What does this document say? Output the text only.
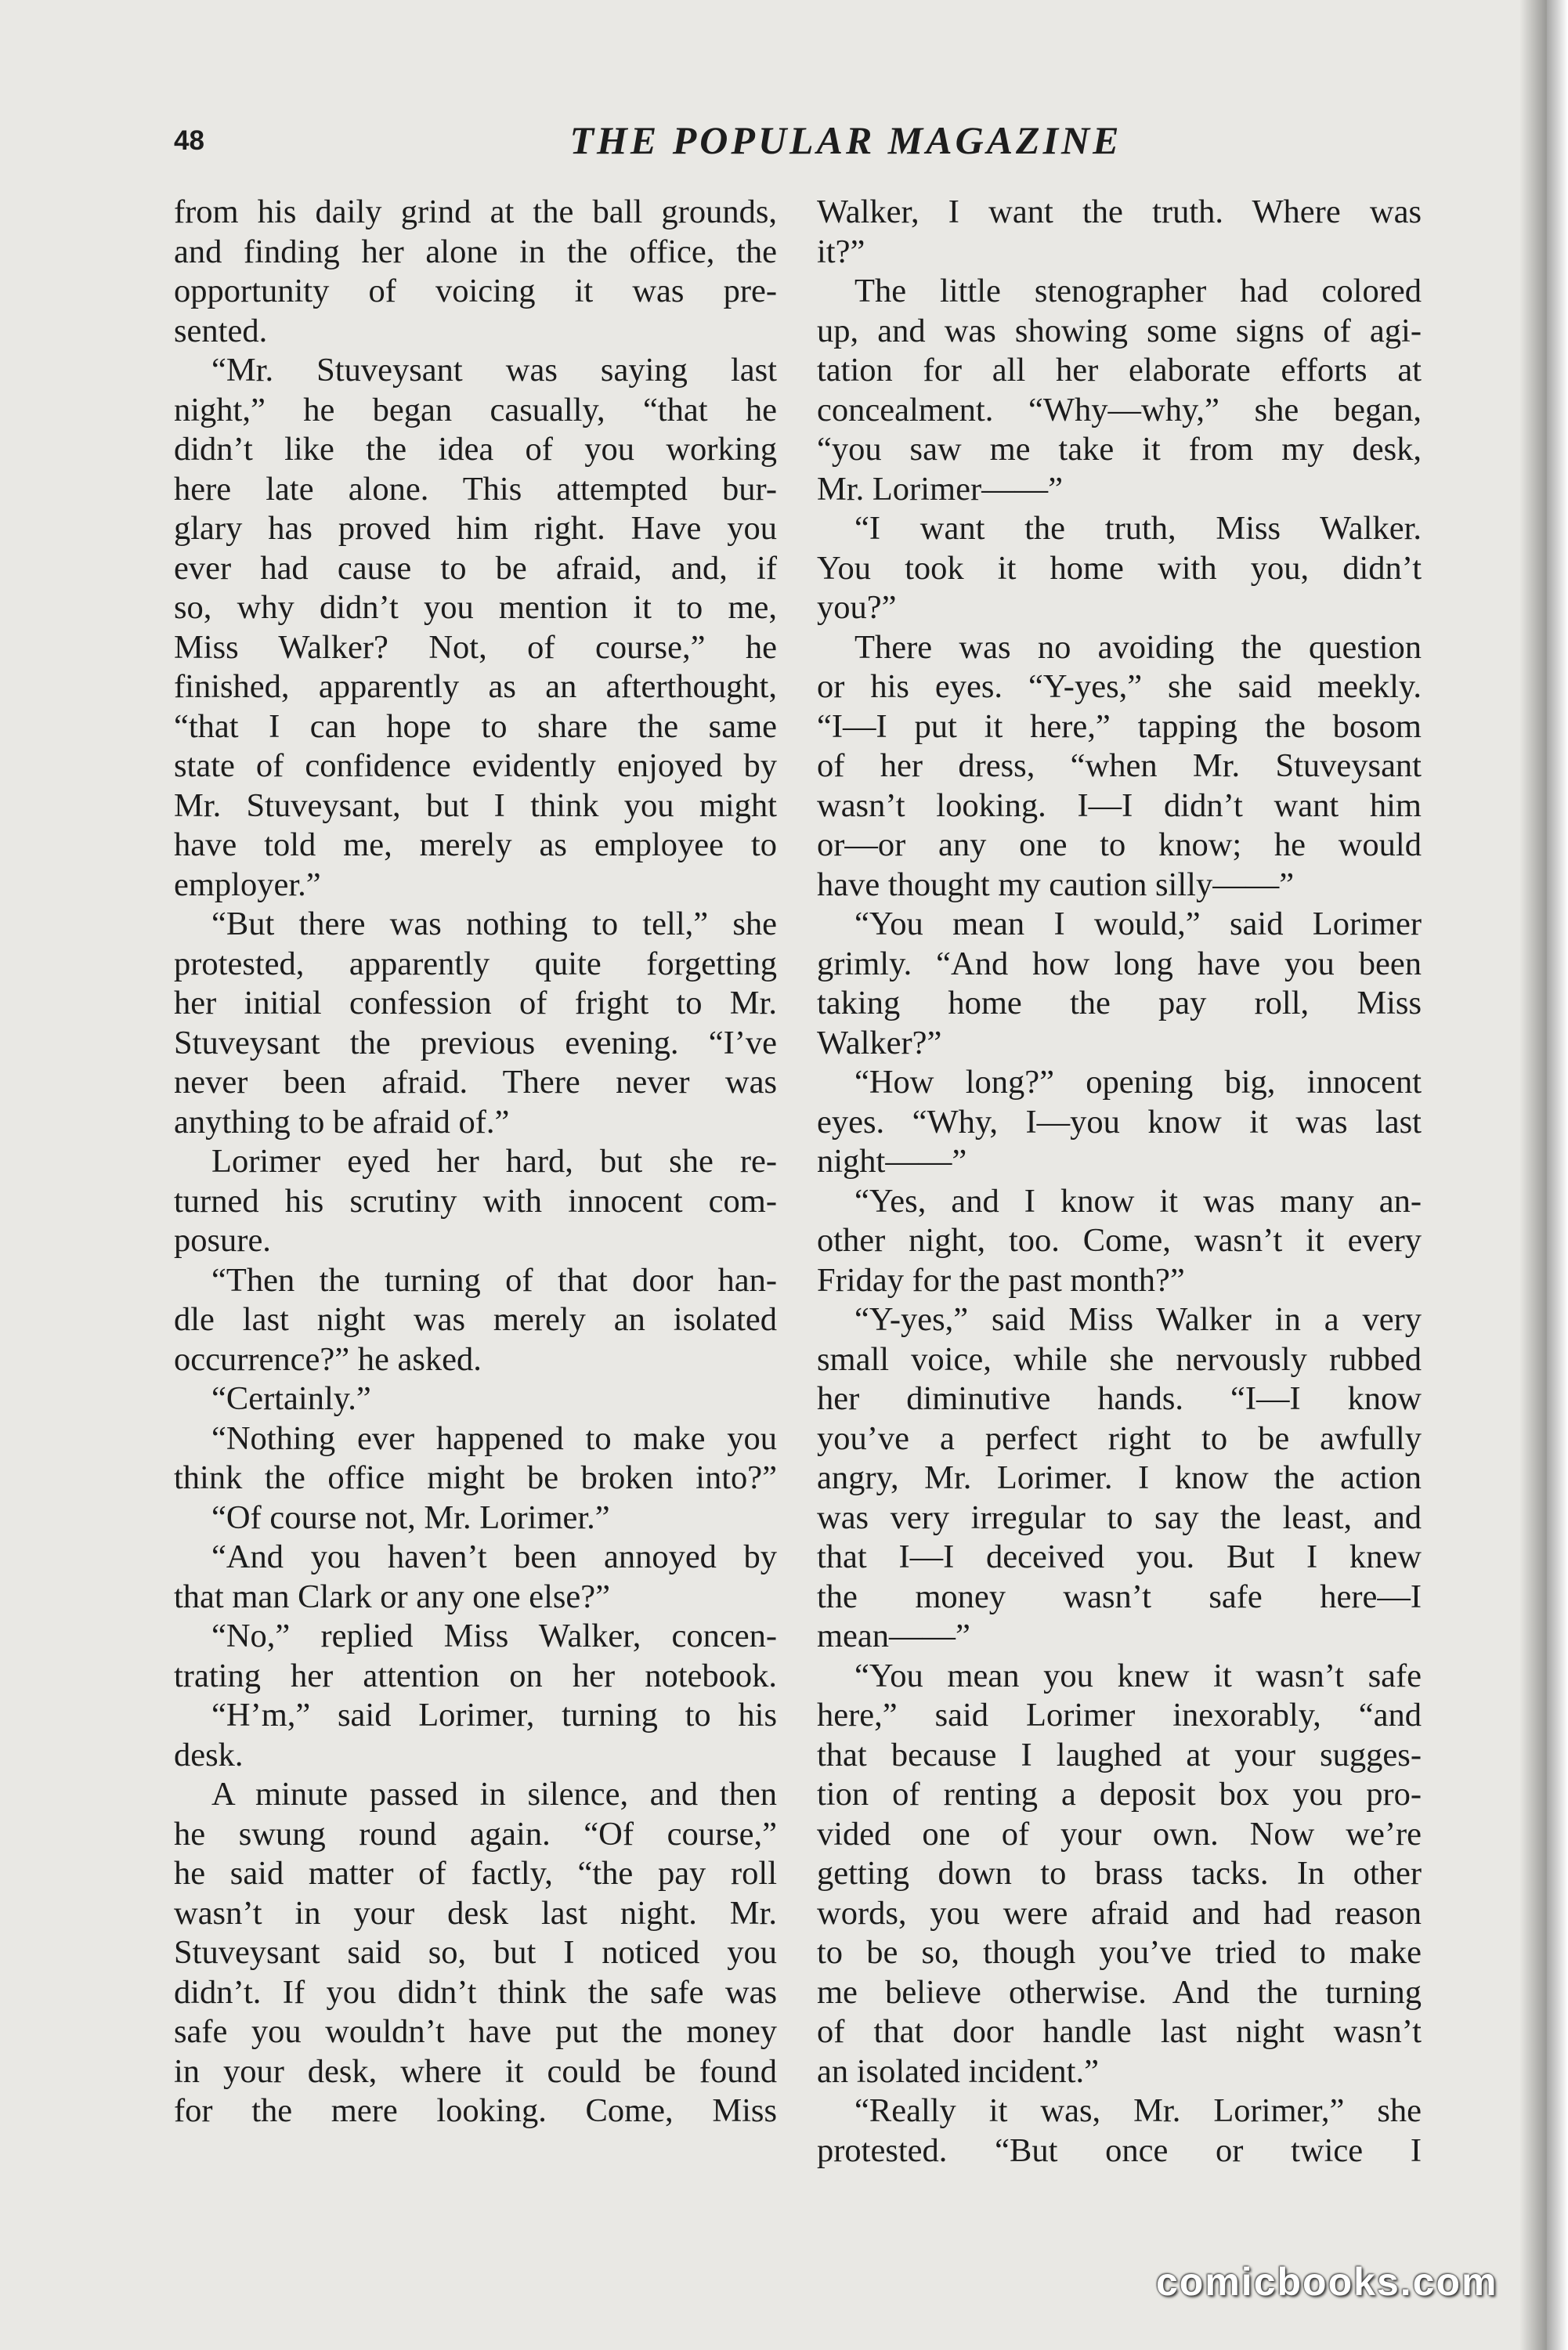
48	THE POPULAR MAGAZINE
from his daily grind at the ball grounds,
and finding her alone in the office, the
opportunity of voicing it was pre-
sented.
“Mr. Stuveysant was saying last
night,” he began casually, “that he
didn’t like the idea of you working
here late alone. This attempted bur-
glary has proved him right. Have you
ever had cause to be afraid, and, if
so, why didn’t you mention it to me,
Miss Walker? Not, of course,” he
finished, apparently as an afterthought,
“that I can hope to share the same
state of confidence evidently enjoyed by
Mr. Stuveysant, but I think you might
have told me, merely as employee to
employer.”
“But there was nothing to tell,” she
protested, apparently quite forgetting
her initial confession of fright to Mr.
Stuveysant the previous evening. “I’ve
never been afraid. There never was
anything to be afraid of.”
Lorimer eyed her hard, but she re-
turned his scrutiny with innocent com-
posure.
“Then the turning of that door han-
dle last night was merely an isolated
occurrence?” he asked.
“Certainly.”
“Nothing ever happened to make you
think the office might be broken into?”
“Of course not, Mr. Lorimer.”
“And you haven’t been annoyed by
that man Clark or any one else?”
“No,” replied Miss Walker, concen-
trating her attention on her notebook.
“H’m,” said Lorimer, turning to his
desk.
A minute passed in silence, and then
he swung round again. “Of course,”
he said matter of factly, “the pay roll
wasn’t in your desk last night. Mr.
Stuveysant said so, but I noticed you
didn’t. If you didn’t think the safe was
safe you wouldn’t have put the money
in your desk, where it could be found
for the mere looking. Come, Miss
Walker, I want the truth. Where was
it?”
The little stenographer had colored
up, and was showing some signs of agi-
tation for all her elaborate efforts at
concealment. “Why—why,” she began,
“you saw me take it from my desk,
Mr. Lorimer——”
“I want the truth, Miss Walker.
You took it home with you, didn’t
you?”
There was no avoiding the question
or his eyes. “Y-yes,” she said meekly.
“I—I put it here,” tapping the bosom
of her dress, “when Mr. Stuveysant
wasn’t looking. I—I didn’t want him
or—or any one to know; he would
have thought my caution silly——”
“You mean I would,” said Lorimer
grimly. “And how long have you been
taking home the pay roll, Miss
Walker?”
“How long?” opening big, innocent
eyes. “Why, I—you know it was last
night——”
“Yes, and I know it was many an-
other night, too. Come, wasn’t it every
Friday for the past month?”
“Y-yes,” said Miss Walker in a very
small voice, while she nervously rubbed
her diminutive hands. “I—I know
you’ve a perfect right to be awfully
angry, Mr. Lorimer. I know the action
was very irregular to say the least, and
that I—I deceived you. But I knew
the money wasn’t safe here—I
mean——”
“You mean you knew it wasn’t safe
here,” said Lorimer inexorably, “and
that because I laughed at your sugges-
tion of renting a deposit box you pro-
vided one of your own. Now we’re
getting down to brass tacks. In other
words, you were afraid and had reason
to be so, though you’ve tried to make
me believe otherwise. And the turning
of that door handle last night wasn’t
an isolated incident.”
“Really it was, Mr. Lorimer,” she
protested. “But once or twice I
comicbooks.com
